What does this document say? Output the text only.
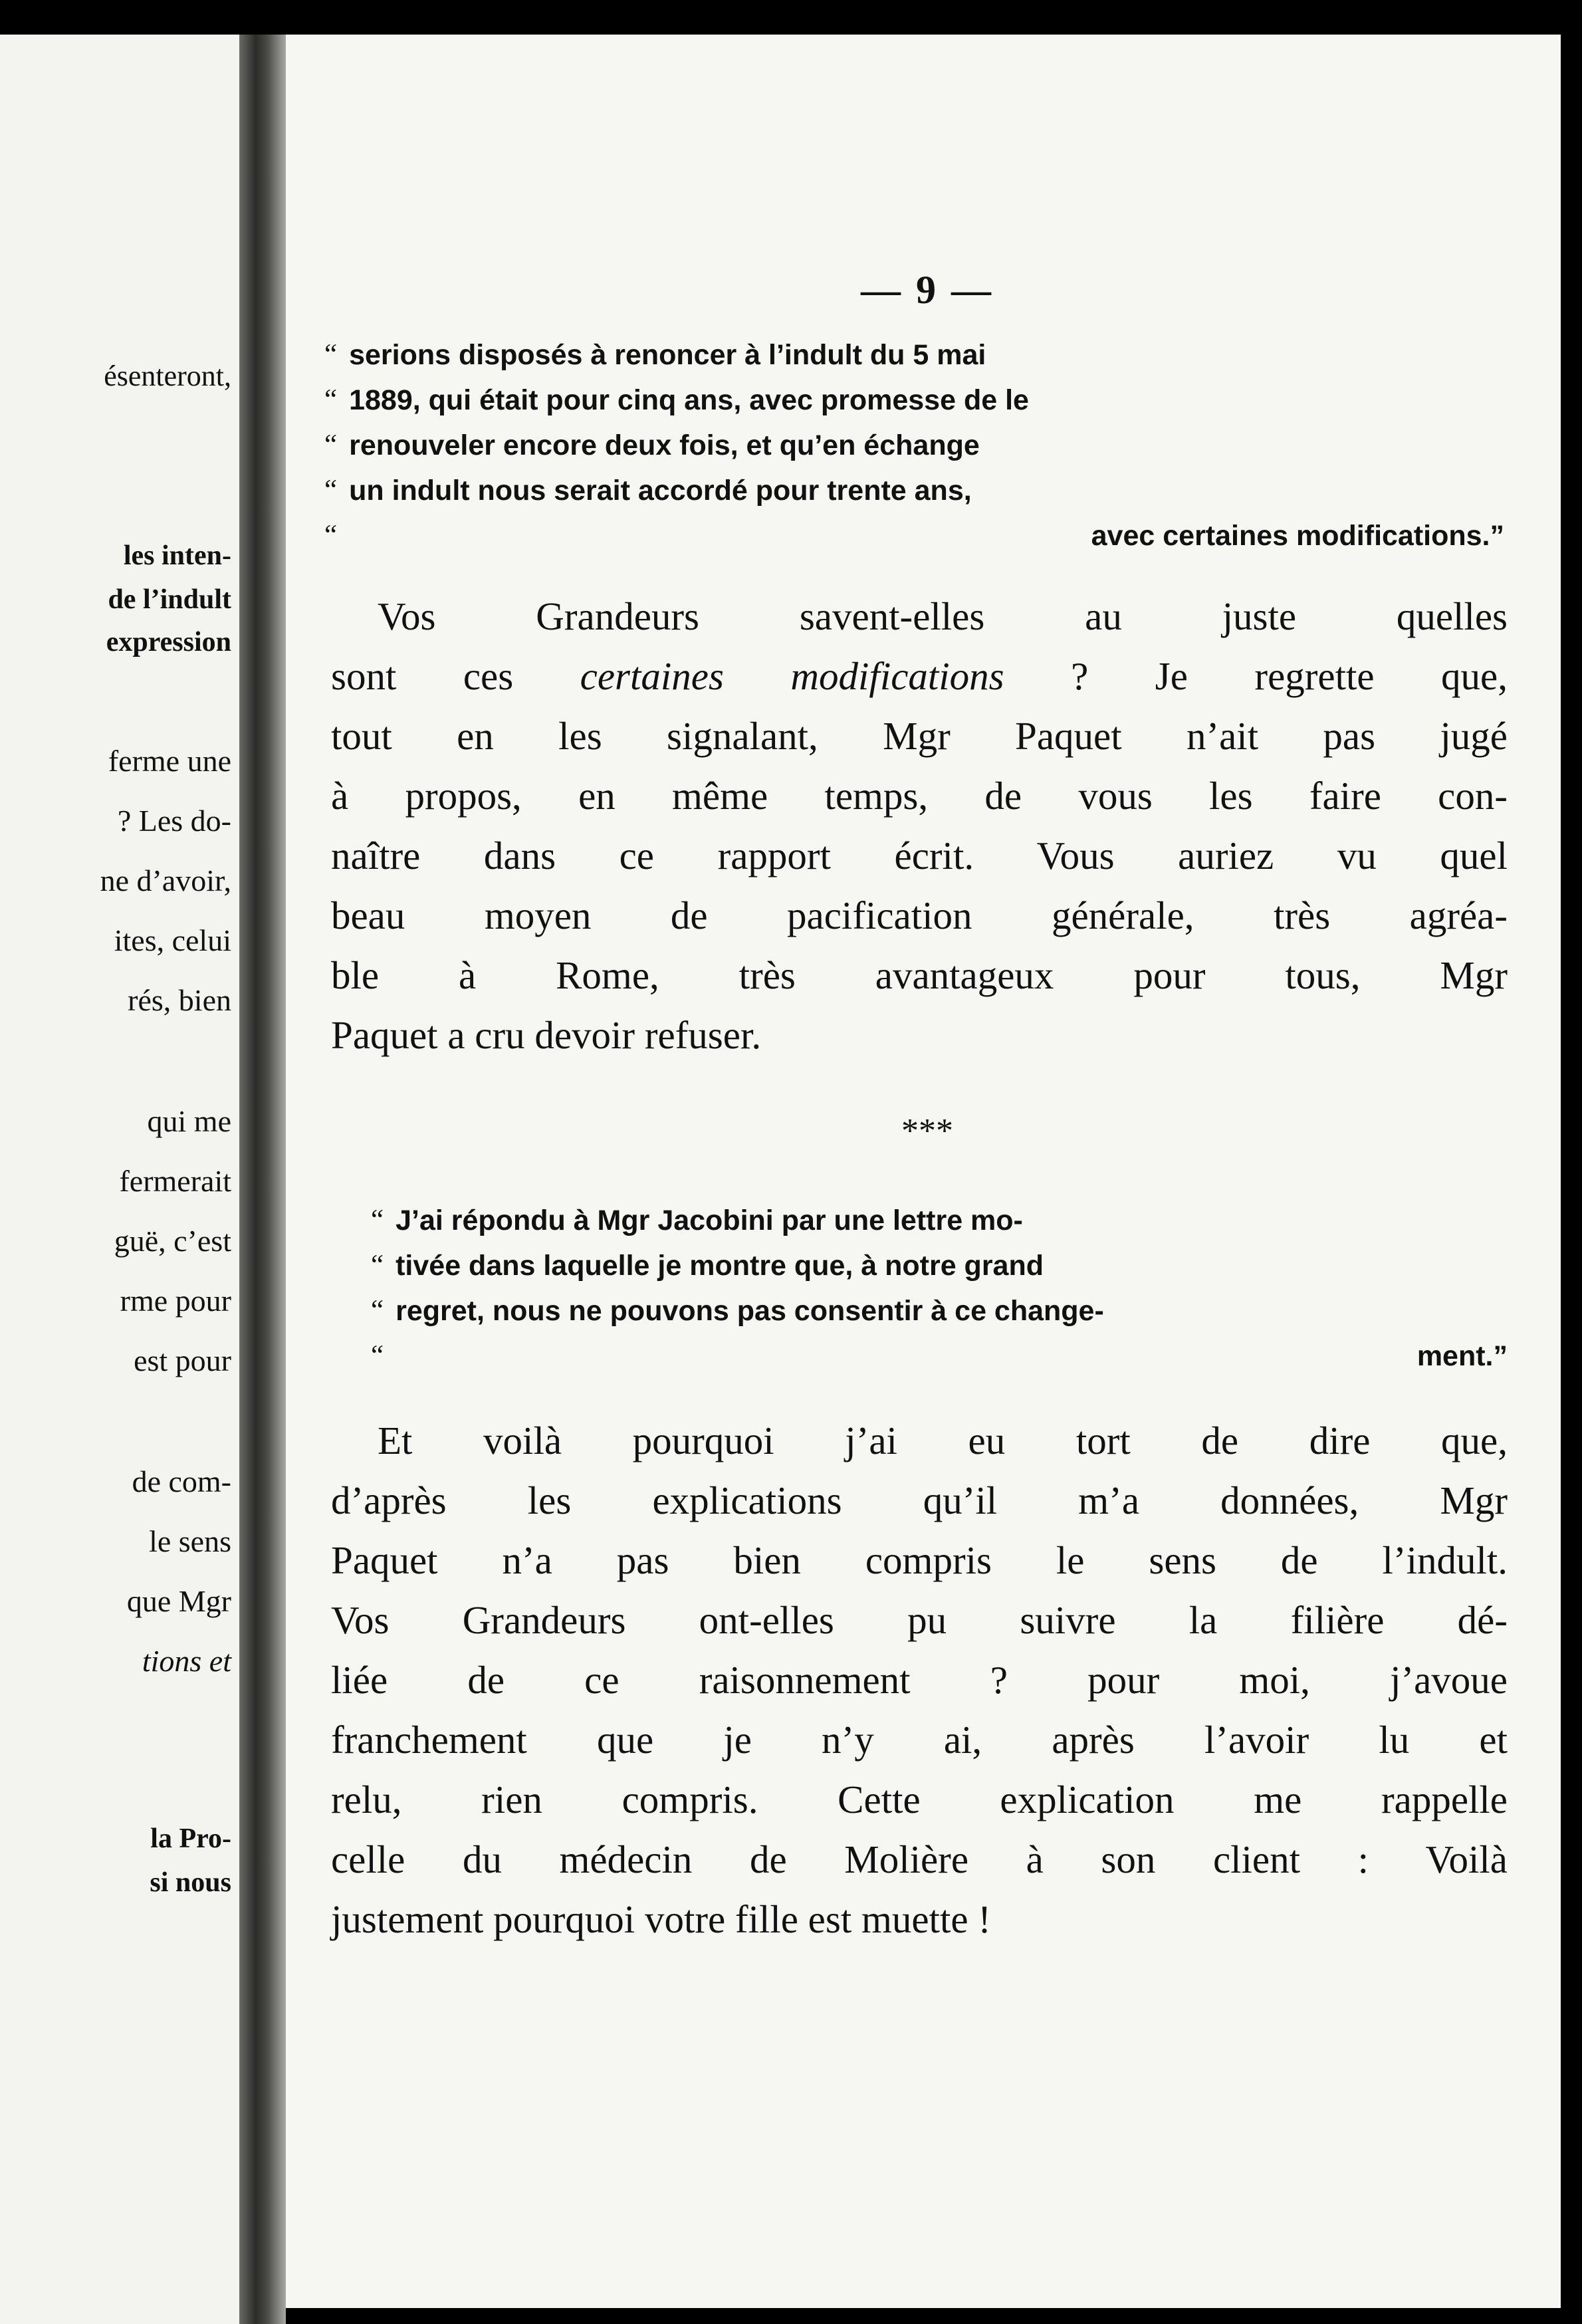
ésenteront,
les inten-
de l’indult
expression
ferme une
? Les do-
ne d’avoir,
ites, celui
rés, bien
qui me
fermerait
guë, c’est
rme pour
est pour
de com-
le sens
que Mgr
tions et
la Pro-
si nous
— 9 —
“ serions disposés à renoncer à l’indult du 5 mai
“ 1889, qui était pour cinq ans, avec promesse de le
“ renouveler encore deux fois, et qu’en échange
“ un indult nous serait accordé pour trente ans,
“	avec certaines modifications.”
Vos Grandeurs savent-elles au juste quelles
sont ces certaines modifications ? Je regrette que,
tout en les signalant, Mgr Paquet n’ait pas jugé
à propos, en même temps, de vous les faire con-
naître dans ce rapport écrit. Vous auriez vu quel
beau moyen de pacification générale, très agréa-
ble à Rome, très avantageux pour tous, Mgr
Paquet a cru devoir refuser.
***
“ J’ai répondu à Mgr Jacobini par une lettre mo-
“ tivée dans laquelle je montre que, à notre grand
“ regret, nous ne pouvons pas consentir à ce change-
“	ment.”
Et voilà pourquoi j’ai eu tort de dire que,
d’après les explications qu’il m’a données, Mgr
Paquet n’a pas bien compris le sens de l’indult.
Vos Grandeurs ont-elles pu suivre la filière dé-
liée de ce raisonnement ? pour moi, j’avoue
franchement que je n’y ai, après l’avoir lu et
relu, rien compris. Cette explication me rappelle
celle du médecin de Molière à son client : Voilà
justement pourquoi votre fille est muette !
